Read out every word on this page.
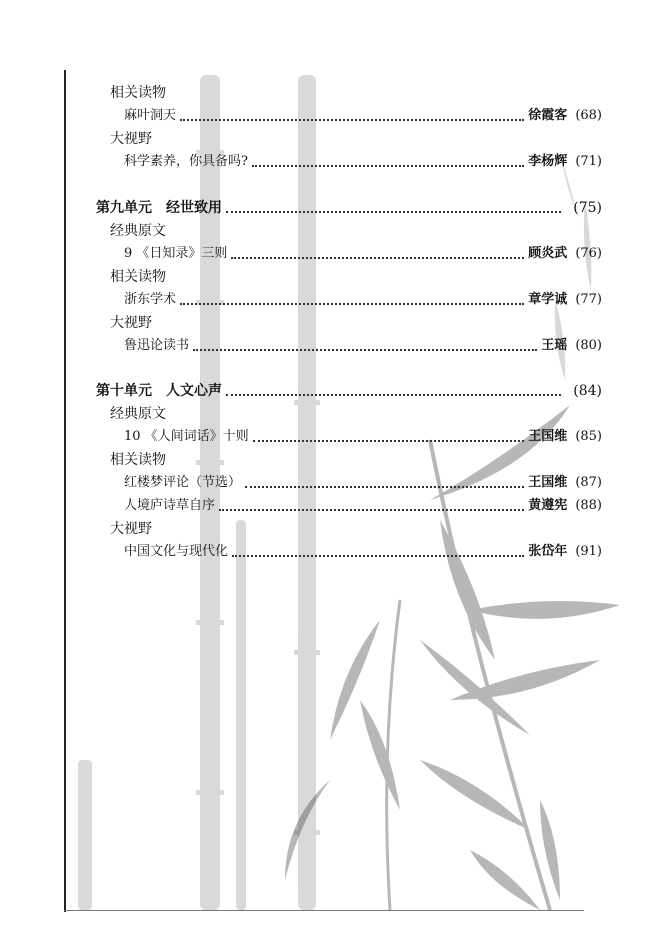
相关读物
麻叶洞天	徐霞客 (68)
大视野
科学素养，你具备吗?	李杨辉 (71)
第九单元 经世致用	(75)
经典原文
9 《日知录》三则	顾炎武 (76)
相关读物
浙东学术	章学诚 (77)
大视野
鲁迅论读书	王瑶 (80)
第十单元 人文心声	(84)
经典原文
10 《人间词话》十则	王国维 (85)
相关读物
红楼梦评论（节选）	王国维 (87)
人境庐诗草自序	黄遵宪 (88)
大视野
中国文化与现代化	张岱年 (91)
